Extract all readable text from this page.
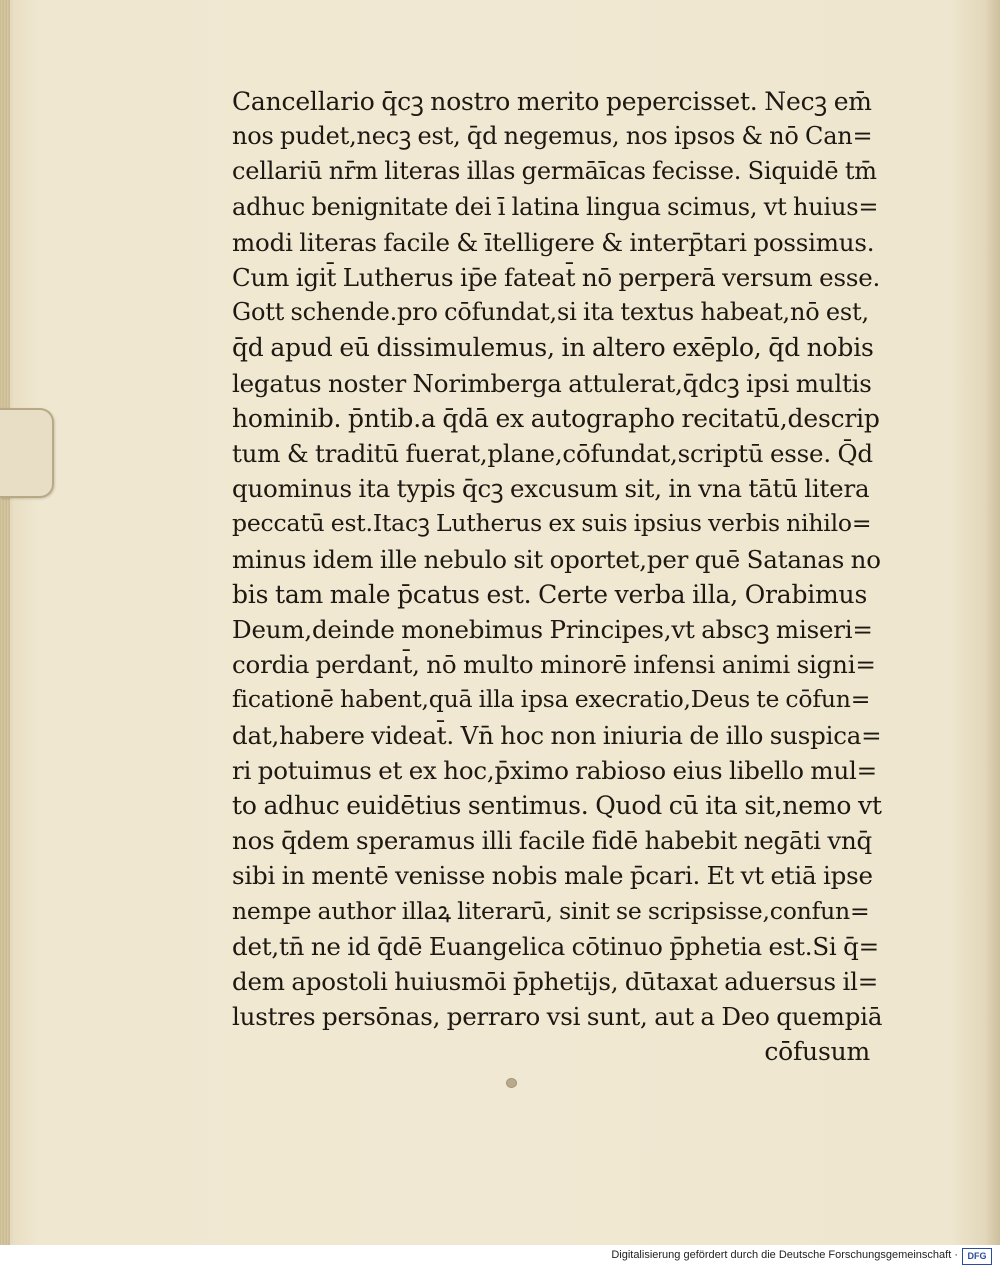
Cancellario q̄cꝫ nostro merito pepercisset. Necꝫ em̄
nos pudet,necꝫ est, q̄d negemus, nos ipsos & nō Can=
cellariū nr̄m literas illas germāīcas fecisse. Siquidē tm̄
adhuc benignitate dei ī latina lingua scimus, vt huius=
modi literas facile & ītelligere & interp̄tari possimus.
Cum igit̄ Lutherus ip̄e fateat̄ nō perperā versum esse.
Gott schende.pro cōfundat,si ita textus habeat,nō est,
q̄d apud eū dissimulemus, in altero exēplo, q̄d nobis
legatus noster Norimberga attulerat,q̄dcꝫ ipsi multis
hominib. p̄ntib.a q̄dā ex autographo recitatū,descrip
tum & traditū fuerat,plane,cōfundat,scriptū esse. Q̄d
quominus ita typis q̄cꝫ excusum sit, in vna tātū litera
peccatū est.Itacꝫ Lutherus ex suis ipsius verbis nihilo=
minus idem ille nebulo sit oportet,per quē Satanas no
bis tam male p̄catus est. Certe verba illa, Orabimus
Deum,deinde monebimus Principes,vt abscꝫ miseri=
cordia perdant̄, nō multo minorē infensi animi signi=
ficationē habent,quā illa ipsa execratio,Deus te cōfun=
dat,habere videat̄. Vn̄ hoc non iniuria de illo suspica=
ri potuimus et ex hoc,p̄ximo rabioso eius libello mul=
to adhuc euidētius sentimus. Quod cū ita sit,nemo vt
nos q̄dem speramus illi facile fidē habebit negāti vnq̄
sibi in mentē venisse nobis male p̄cari. Et vt etiā ipse
nempe author illaꝝ literarū, sinit se scripsisse,confun=
det,tn̄ ne id q̄dē Euangelica cōtinuo p̄phetia est.Si q̄=
dem apostoli huiusmōi p̄phetijs, dūtaxat aduersus il=
lustres persōnas, perraro vsi sunt, aut a Deo quempiā
cōfusum
Digitalisierung gefördert durch die Deutsche Forschungsgemeinschaft ·	DFG
